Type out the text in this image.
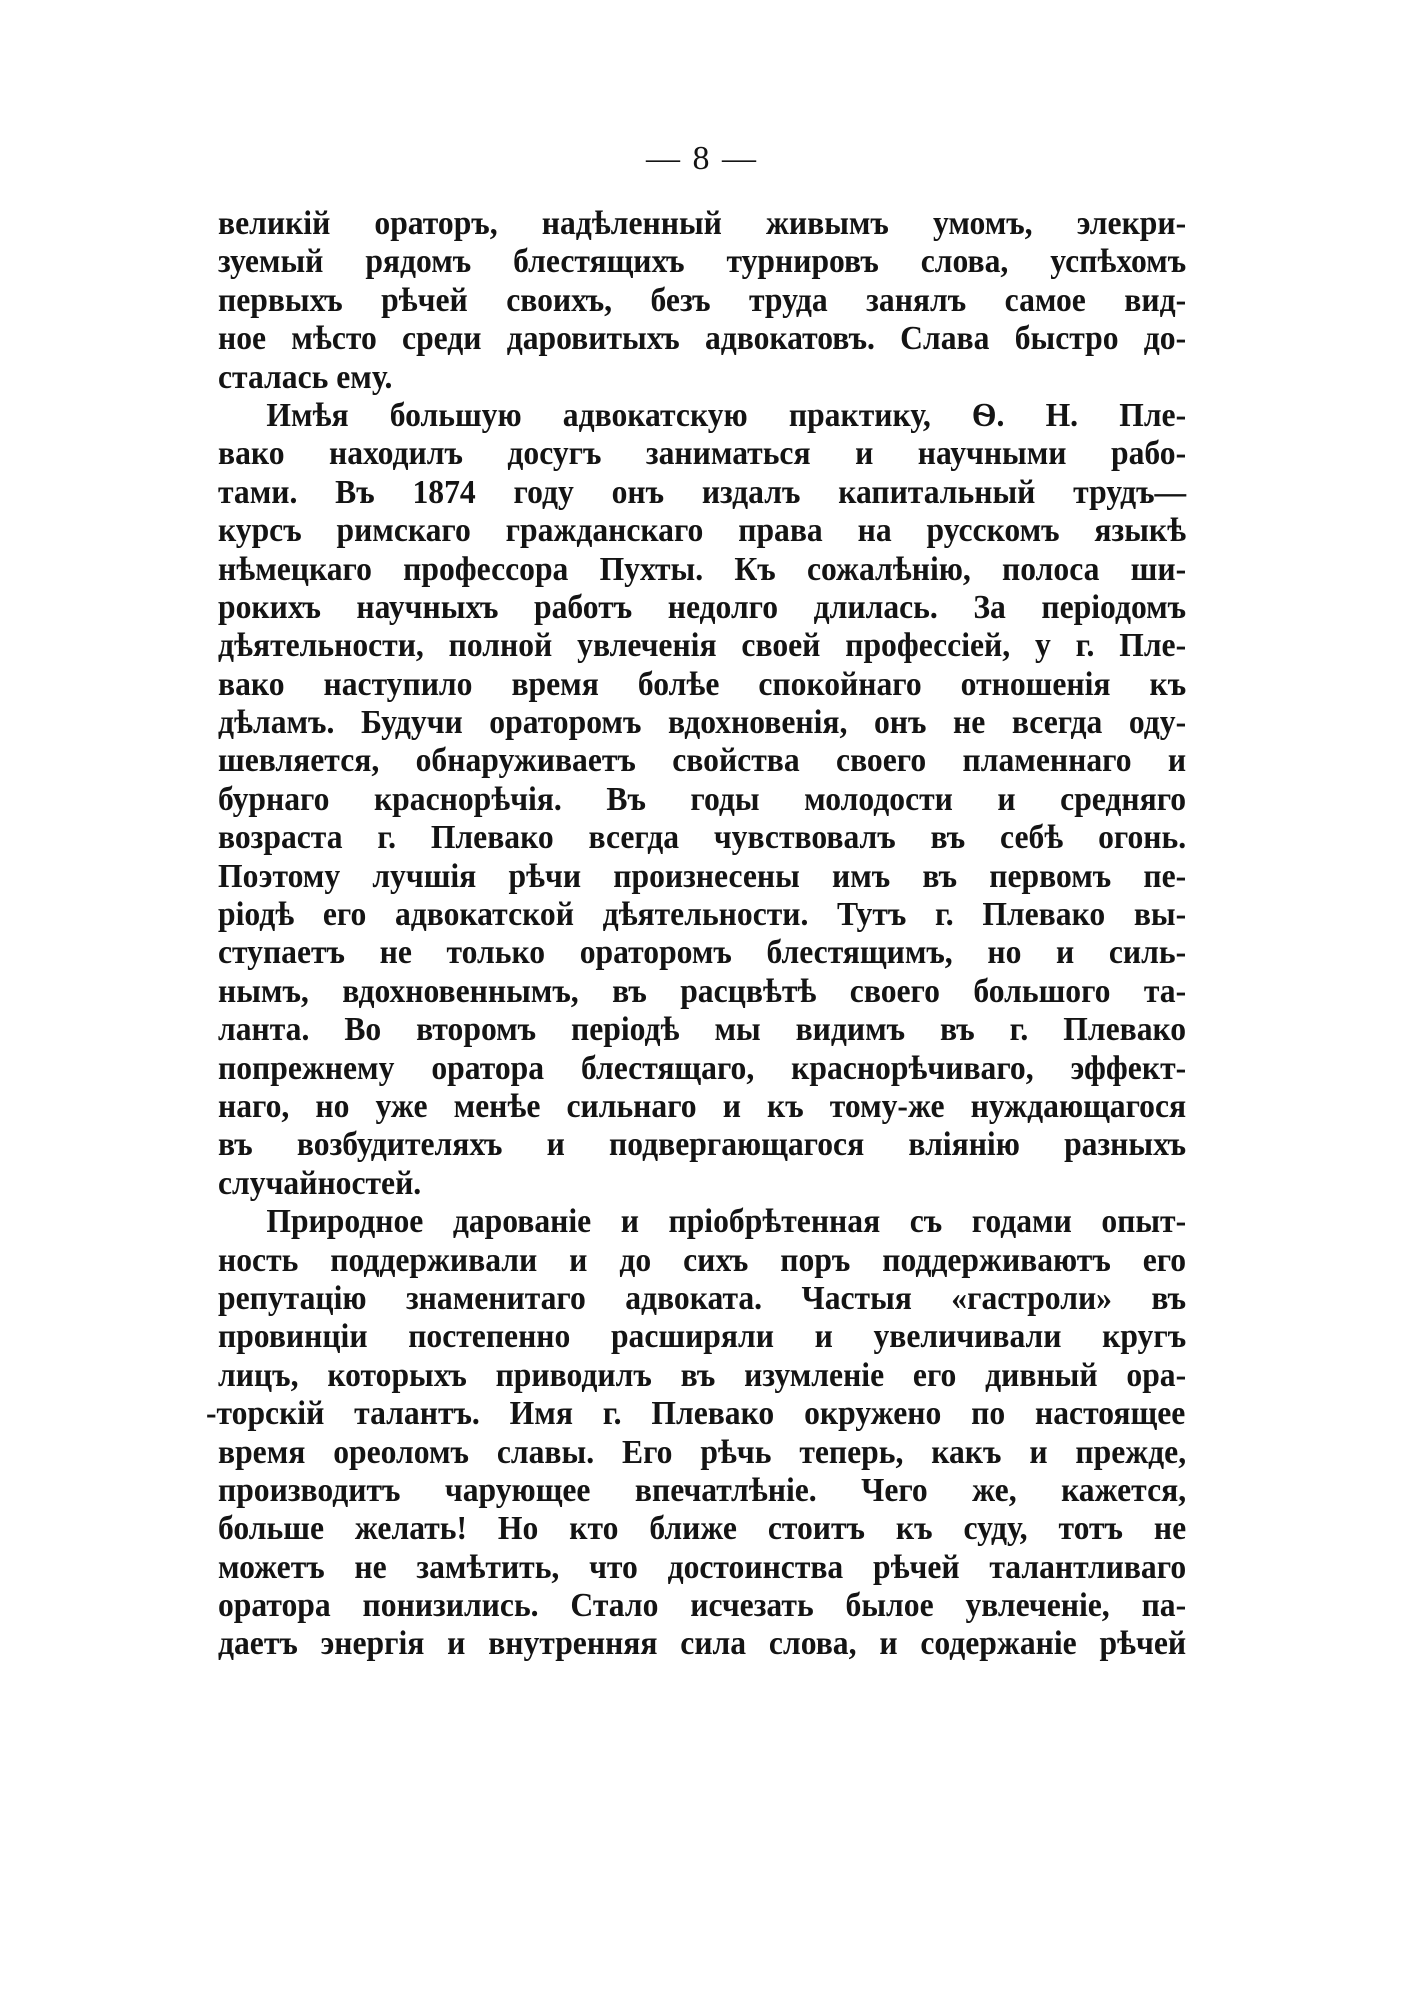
— 8 —
великій ораторъ, надѣленный живымъ умомъ, элекри-
зуемый рядомъ блестящихъ турнировъ слова, успѣхомъ
первыхъ рѣчей своихъ, безъ труда занялъ самое вид-
ное мѣсто среди даровитыхъ адвокатовъ. Слава быстро до-
сталась ему.
Имѣя большую адвокатскую практику, Ѳ. Н. Пле-
вако находилъ досугъ заниматься и научными рабо-
тами. Въ 1874 году онъ издалъ капитальный трудъ—
курсъ римскаго гражданскаго права на русскомъ языкѣ
нѣмецкаго профессора Пухты. Къ сожалѣнію, полоса ши-
рокихъ научныхъ работъ недолго длилась. За періодомъ
дѣятельности, полной увлеченія своей профессіей, у г. Пле-
вако наступило время болѣе спокойнаго отношенія къ
дѣламъ. Будучи ораторомъ вдохновенія, онъ не всегда оду-
шевляется, обнаруживаетъ свойства своего пламеннаго и
бурнаго краснорѣчія. Въ годы молодости и средняго
возраста г. Плевако всегда чувствовалъ въ себѣ огонь.
Поэтому лучшія рѣчи произнесены имъ въ первомъ пе-
ріодѣ его адвокатской дѣятельности. Тутъ г. Плевако вы-
ступаетъ не только ораторомъ блестящимъ, но и силь-
нымъ, вдохновеннымъ, въ расцвѣтѣ своего большого та-
ланта. Во второмъ періодѣ мы видимъ въ г. Плевако
попрежнему оратора блестящаго, краснорѣчиваго, эффект-
наго, но уже менѣе сильнаго и къ тому-же нуждающагося
въ возбудителяхъ и подвергающагося вліянію разныхъ
случайностей.
Природное дарованіе и пріобрѣтенная съ годами опыт-
ность поддерживали и до сихъ поръ поддерживаютъ его
репутацію знаменитаго адвоката. Частыя «гастроли» въ
провинціи постепенно расширяли и увеличивали кругъ
лицъ, которыхъ приводилъ въ изумленіе его дивный ора-
-торскій талантъ. Имя г. Плевако окружено по настоящее
время ореоломъ славы. Его рѣчь теперь, какъ и прежде,
производитъ чарующее впечатлѣніе. Чего же, кажется,
больше желать! Но кто ближе стоитъ къ суду, тотъ не
можетъ не замѣтить, что достоинства рѣчей талантливаго
оратора понизились. Стало исчезать былое увлеченіе, па-
даетъ энергія и внутренняя сила слова, и содержаніе рѣчей
